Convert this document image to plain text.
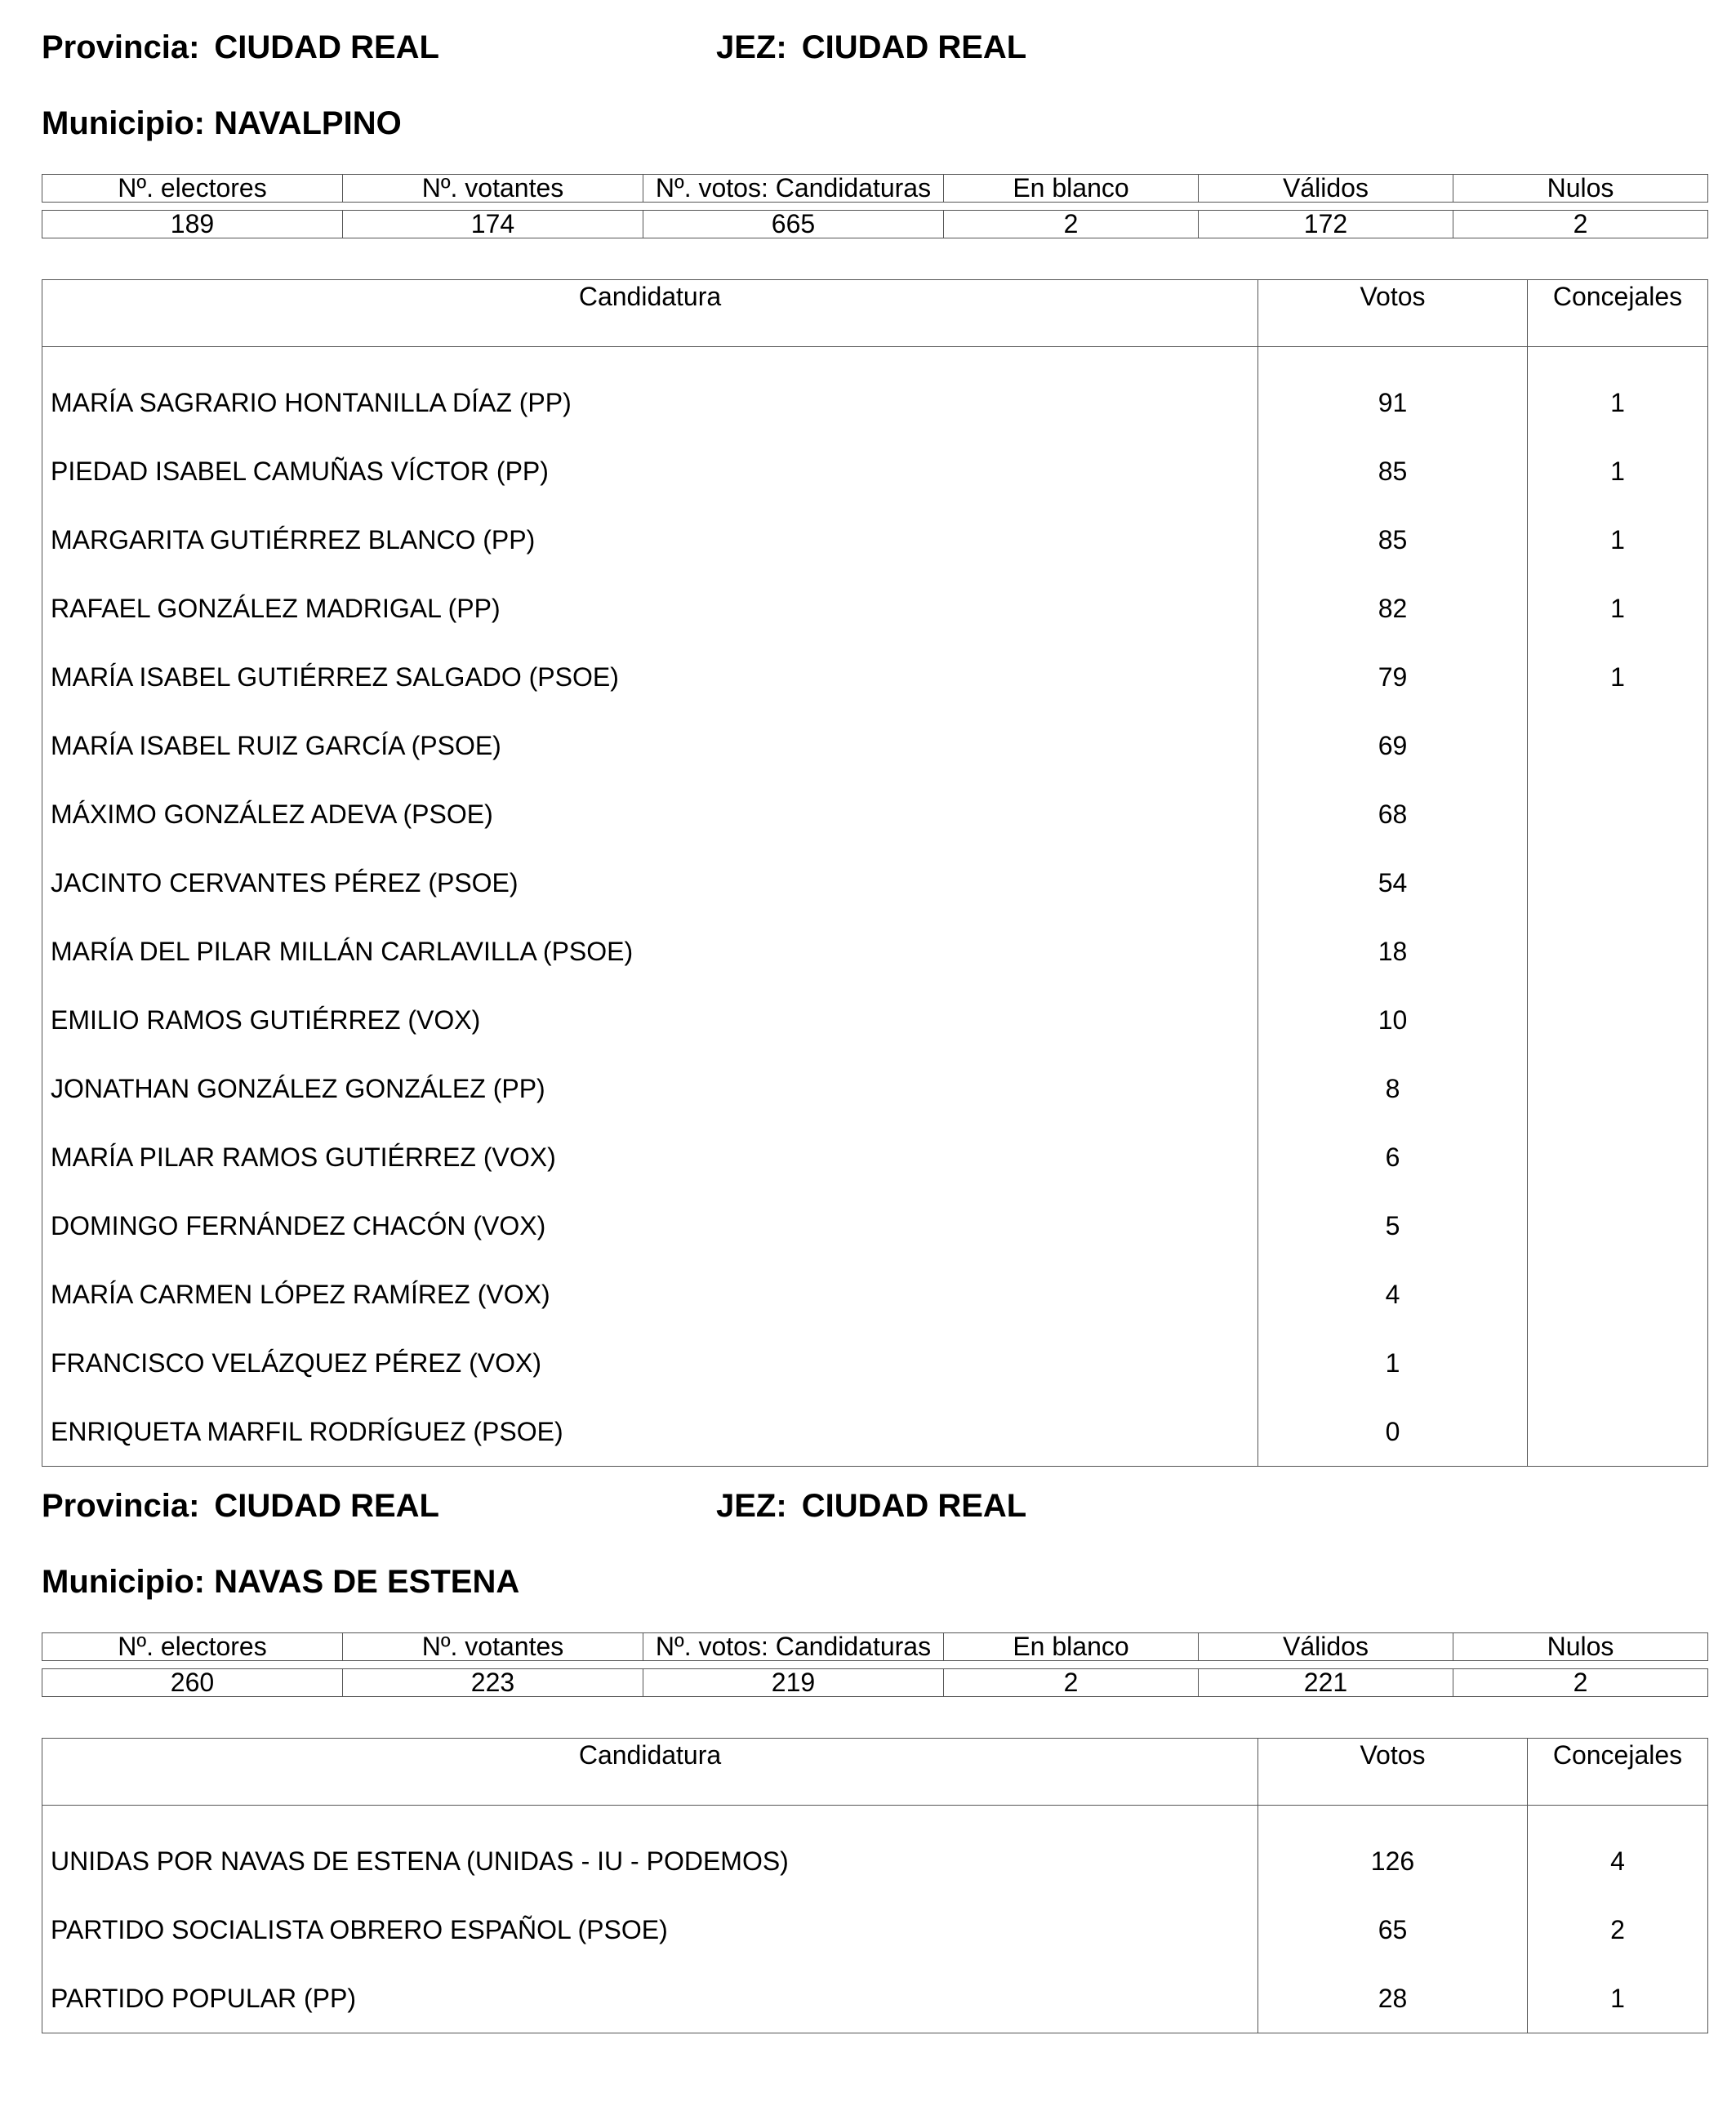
Provincia: CIUDAD REAL	JEZ: CIUDAD REAL
Municipio: NAVALPINO
Nº. electores	Nº. votantes	Nº. votos: Candidaturas	En blanco	Válidos	Nulos

189	174	665	2	172	2
Candidatura	Votos	Concejales

MARÍA SAGRARIO HONTANILLA DÍAZ (PP)	91	1
PIEDAD ISABEL CAMUÑAS VÍCTOR (PP)	85	1
MARGARITA GUTIÉRREZ BLANCO (PP)	85	1
RAFAEL GONZÁLEZ MADRIGAL (PP)	82	1
MARÍA ISABEL GUTIÉRREZ SALGADO (PSOE)	79	1
MARÍA ISABEL RUIZ GARCÍA (PSOE)	69	
MÁXIMO GONZÁLEZ ADEVA (PSOE)	68	
JACINTO CERVANTES PÉREZ (PSOE)	54	
MARÍA DEL PILAR MILLÁN CARLAVILLA (PSOE)	18	
EMILIO RAMOS GUTIÉRREZ (VOX)	10	
JONATHAN GONZÁLEZ GONZÁLEZ (PP)	8	
MARÍA PILAR RAMOS GUTIÉRREZ (VOX)	6	
DOMINGO FERNÁNDEZ CHACÓN (VOX)	5	
MARÍA CARMEN LÓPEZ RAMÍREZ (VOX)	4	
FRANCISCO VELÁZQUEZ PÉREZ (VOX)	1	
ENRIQUETA MARFIL RODRÍGUEZ (PSOE)	0	
Provincia: CIUDAD REAL	JEZ: CIUDAD REAL
Municipio: NAVAS DE ESTENA
Nº. electores	Nº. votantes	Nº. votos: Candidaturas	En blanco	Válidos	Nulos

260	223	219	2	221	2
Candidatura	Votos	Concejales

UNIDAS POR NAVAS DE ESTENA (UNIDAS - IU - PODEMOS)	126	4
PARTIDO SOCIALISTA OBRERO ESPAÑOL (PSOE)	65	2
PARTIDO POPULAR (PP)	28	1
